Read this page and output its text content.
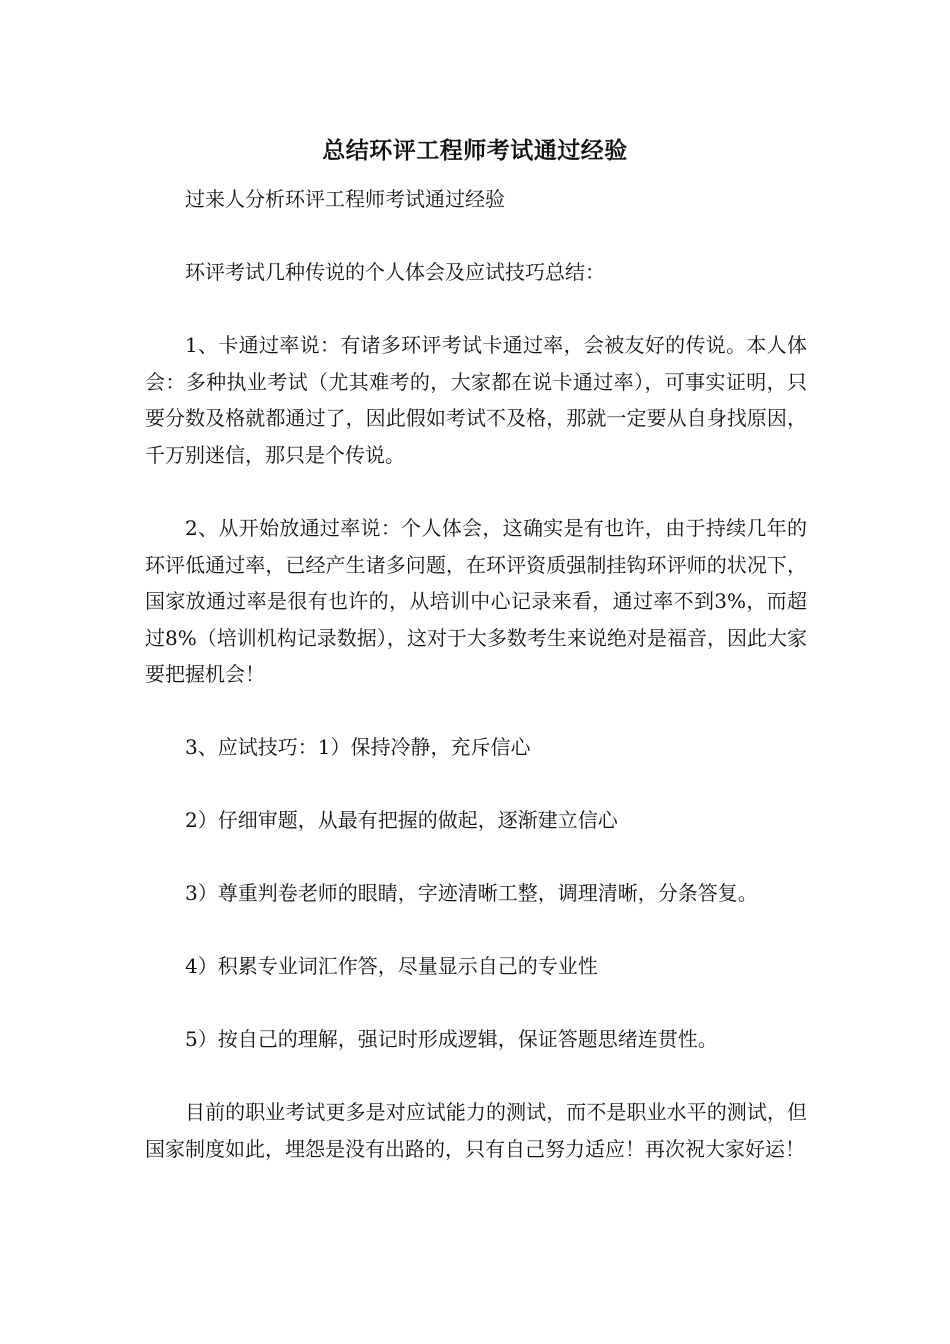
总结环评工程师考试通过经验

过来人分析环评工程师考试通过经验

环评考试几种传说的个人体会及应试技巧总结：

1、卡通过率说：有诸多环评考试卡通过率，会被友好的传说。本人体会：多种执业考试（尤其难考的，大家都在说卡通过率），可事实证明，只要分数及格就都通过了，因此假如考试不及格，那就一定要从自身找原因，千万别迷信，那只是个传说。

2、从开始放通过率说：个人体会，这确实是有也许，由于持续几年的环评低通过率，已经产生诸多问题，在环评资质强制挂钩环评师的状况下，国家放通过率是很有也许的，从培训中心记录来看，通过率不到3%，而超过8%（培训机构记录数据），这对于大多数考生来说绝对是福音，因此大家要把握机会！

3、应试技巧：1）保持冷静，充斥信心

2）仔细审题，从最有把握的做起，逐渐建立信心

3）尊重判卷老师的眼睛，字迹清晰工整，调理清晰，分条答复。

4）积累专业词汇作答，尽量显示自己的专业性

5）按自己的理解，强记时形成逻辑，保证答题思绪连贯性。

目前的职业考试更多是对应试能力的测试，而不是职业水平的测试，但国家制度如此，埋怨是没有出路的，只有自己努力适应！再次祝大家好运！
